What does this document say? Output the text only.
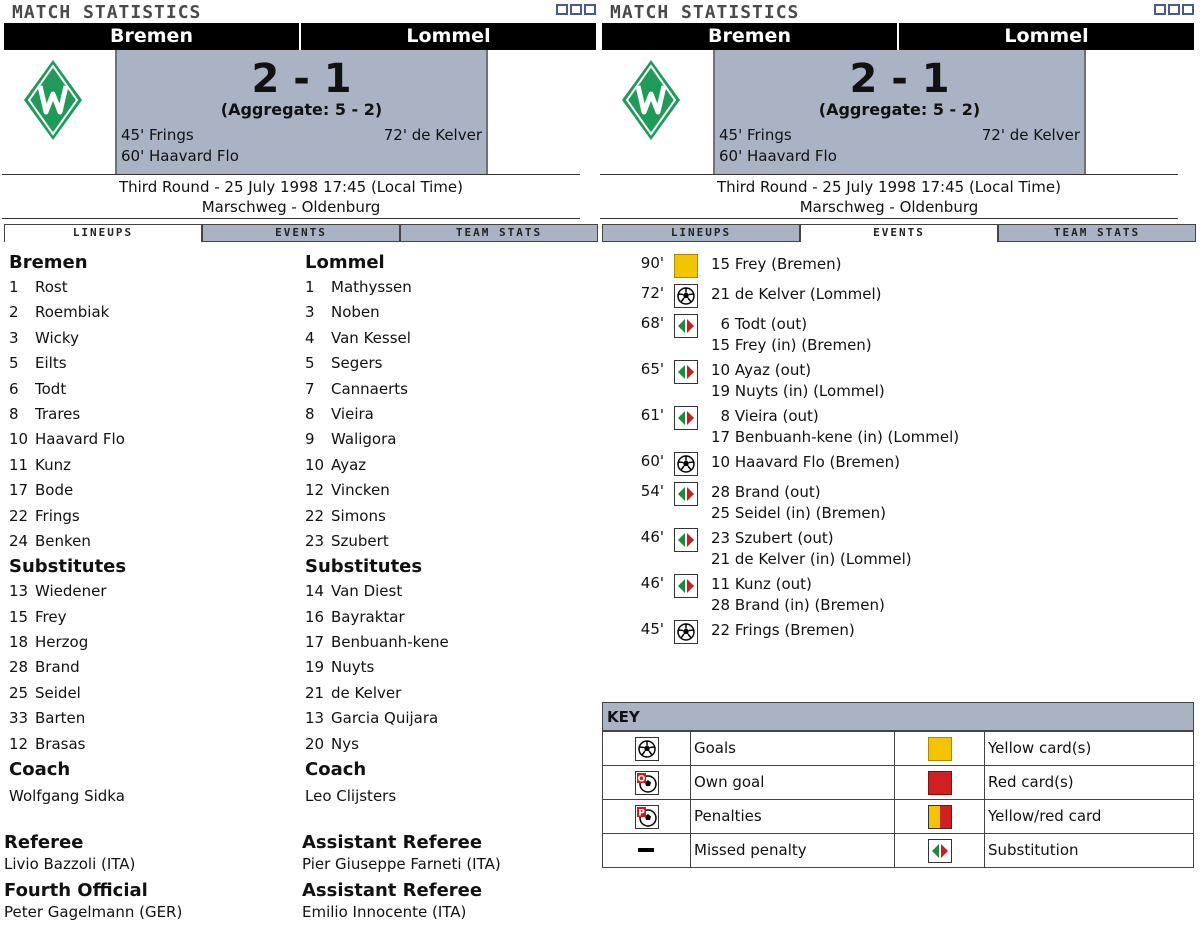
MATCH STATISTICS
Bremen	Lommel
2 - 1
(Aggregate: 5 - 2)
45' Frings
60' Haavard Flo
72' de Kelver
Third Round - 25 July 1998 17:45 (Local Time)
Marschweg - Oldenburg
LINEUPS	EVENTS	TEAM STATS
Bremen
1	Rost
2	Roembiak
3	Wicky
5	Eilts
6	Todt
8	Trares
10 Haavard Flo
11 Kunz
17 Bode
22 Frings
24 Benken
Substitutes
13 Wiedener
15 Frey
18 Herzog
28 Brand
25 Seidel
33 Barten
12 Brasas
Coach
Wolfgang Sidka
Lommel
1	Mathyssen
3	Noben
4	Van Kessel
5	Segers
7	Cannaerts
8	Vieira
9	Waligora
10 Ayaz
12 Vincken
22 Simons
23 Szubert
Substitutes
14 Van Diest
16 Bayraktar
17 Benbuanh-kene
19 Nuyts
21 de Kelver
13 Garcia Quijara
20 Nys
Coach
Leo Clijsters
Referee
Livio Bazzoli (ITA)
Assistant Referee
Pier Giuseppe Farneti (ITA)
Fourth Official
Peter Gagelmann (GER)
Assistant Referee
Emilio Innocente (ITA)
MATCH STATISTICS
Bremen	Lommel
2 - 1
(Aggregate: 5 - 2)
45' Frings
60' Haavard Flo
72' de Kelver
Third Round - 25 July 1998 17:45 (Local Time)
Marschweg - Oldenburg
LINEUPS	EVENTS	TEAM STATS
90'	15 Frey (Bremen)
72'	21 de Kelver (Lommel)
68'	6 Todt (out)
15 Frey (in) (Bremen)
65'	10 Ayaz (out)
19 Nuyts (in) (Lommel)
61'	8 Vieira (out)
17 Benbuanh-kene (in) (Lommel)
60'	10 Haavard Flo (Bremen)
54'	28 Brand (out)
25 Seidel (in) (Bremen)
46'	23 Szubert (out)
21 de Kelver (in) (Lommel)
46'	11 Kunz (out)
28 Brand (in) (Bremen)
45'	22 Frings (Bremen)
KEY
Goals	Yellow card(s)
O	Own goal	Red card(s)
P	Penalties	Yellow/red card
Missed penalty	Substitution
